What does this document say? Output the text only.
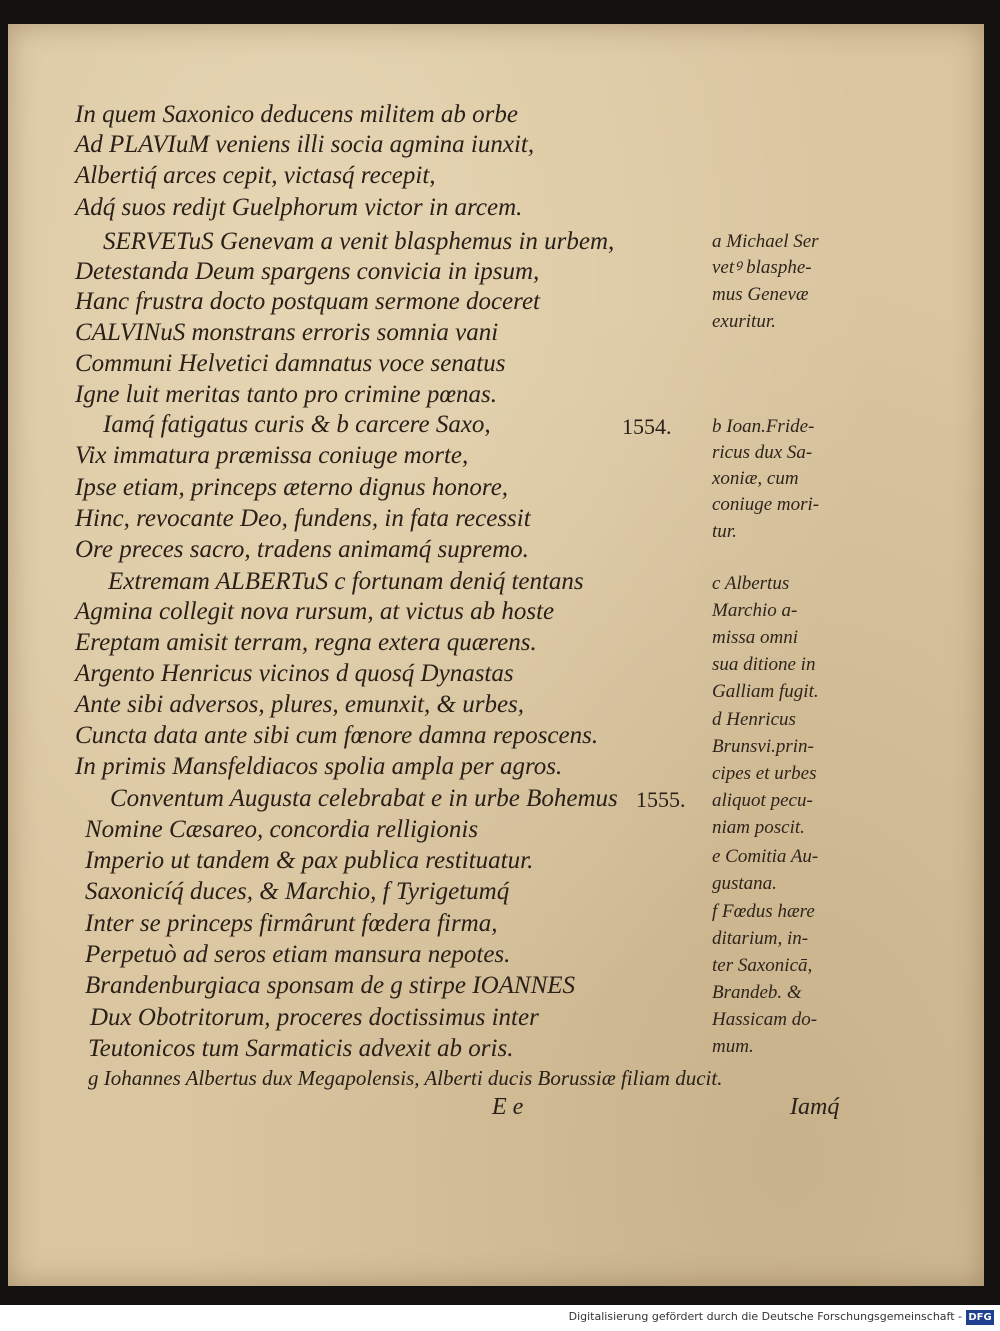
In quem Saxonico deducens militem ab orbe
Ad PLAVIuM veniens illi socia agmina iunxit,
Albertiq́ arces cepit, victasq́ recepit,
Adq́ suos rediȷt Guelphorum victor in arcem.
SERVETuS Genevam a venit blasphemus in urbem,
Detestanda Deum spargens convicia in ipsum,
Hanc frustra docto postquam sermone doceret
CALVINuS monstrans erroris somnia vani
Communi Helvetici damnatus voce senatus
Igne luit meritas tanto pro crimine pœnas.
Iamq́ fatigatus curis & b carcere Saxo,
Vix immatura præmissa coniuge morte,
Ipse etiam, princeps æterno dignus honore,
Hinc, revocante Deo, fundens, in fata recessit
Ore preces sacro, tradens animamq́ supremo.
Extremam ALBERTuS c fortunam deniq́ tentans
Agmina collegit nova rursum, at victus ab hoste
Ereptam amisit terram, regna extera quærens.
Argento Henricus vicinos d quosq́ Dynastas
Ante sibi adversos, plures, emunxit, & urbes,
Cuncta data ante sibi cum fœnore damna reposcens.
In primis Mansfeldiacos spolia ampla per agros.
Conventum Augusta celebrabat e in urbe Bohemus
Nomine Cæsareo, concordia relligionis
Imperio ut tandem & pax publica restituatur.
Saxonicíq́ duces, & Marchio, f Tyrigetumq́
Inter se princeps firmârunt fœdera firma,
Perpetuò ad seros etiam mansura nepotes.
Brandenburgiaca sponsam de g stirpe IOANNES
Dux Obotritorum, proceres doctissimus inter
Teutonicos tum Sarmaticis advexit ab oris.
a Michael Ser
vetꝰ blasphe-
mus Genevæ
exuritur.
b Ioan.Fride-
ricus dux Sa-
xoniæ, cum
coniuge mori-
tur.
c Albertus
Marchio a-
missa omni
sua ditione in
Galliam fugit.
d Henricus
Brunsvi.prin-
cipes et urbes
aliquot pecu-
niam poscit.
e Comitia Au-
gustana.
f Fœdus hære
ditarium, in-
ter Saxonicā,
Brandeb. &
Hassicam do-
mum.
1554.
1555.
g Iohannes Albertus dux Megapolensis, Alberti ducis Borussiæ filiam ducit.
E e	Iamq́
Digitalisierung gefördert durch die Deutsche Forschungsgemeinschaft - DFG
